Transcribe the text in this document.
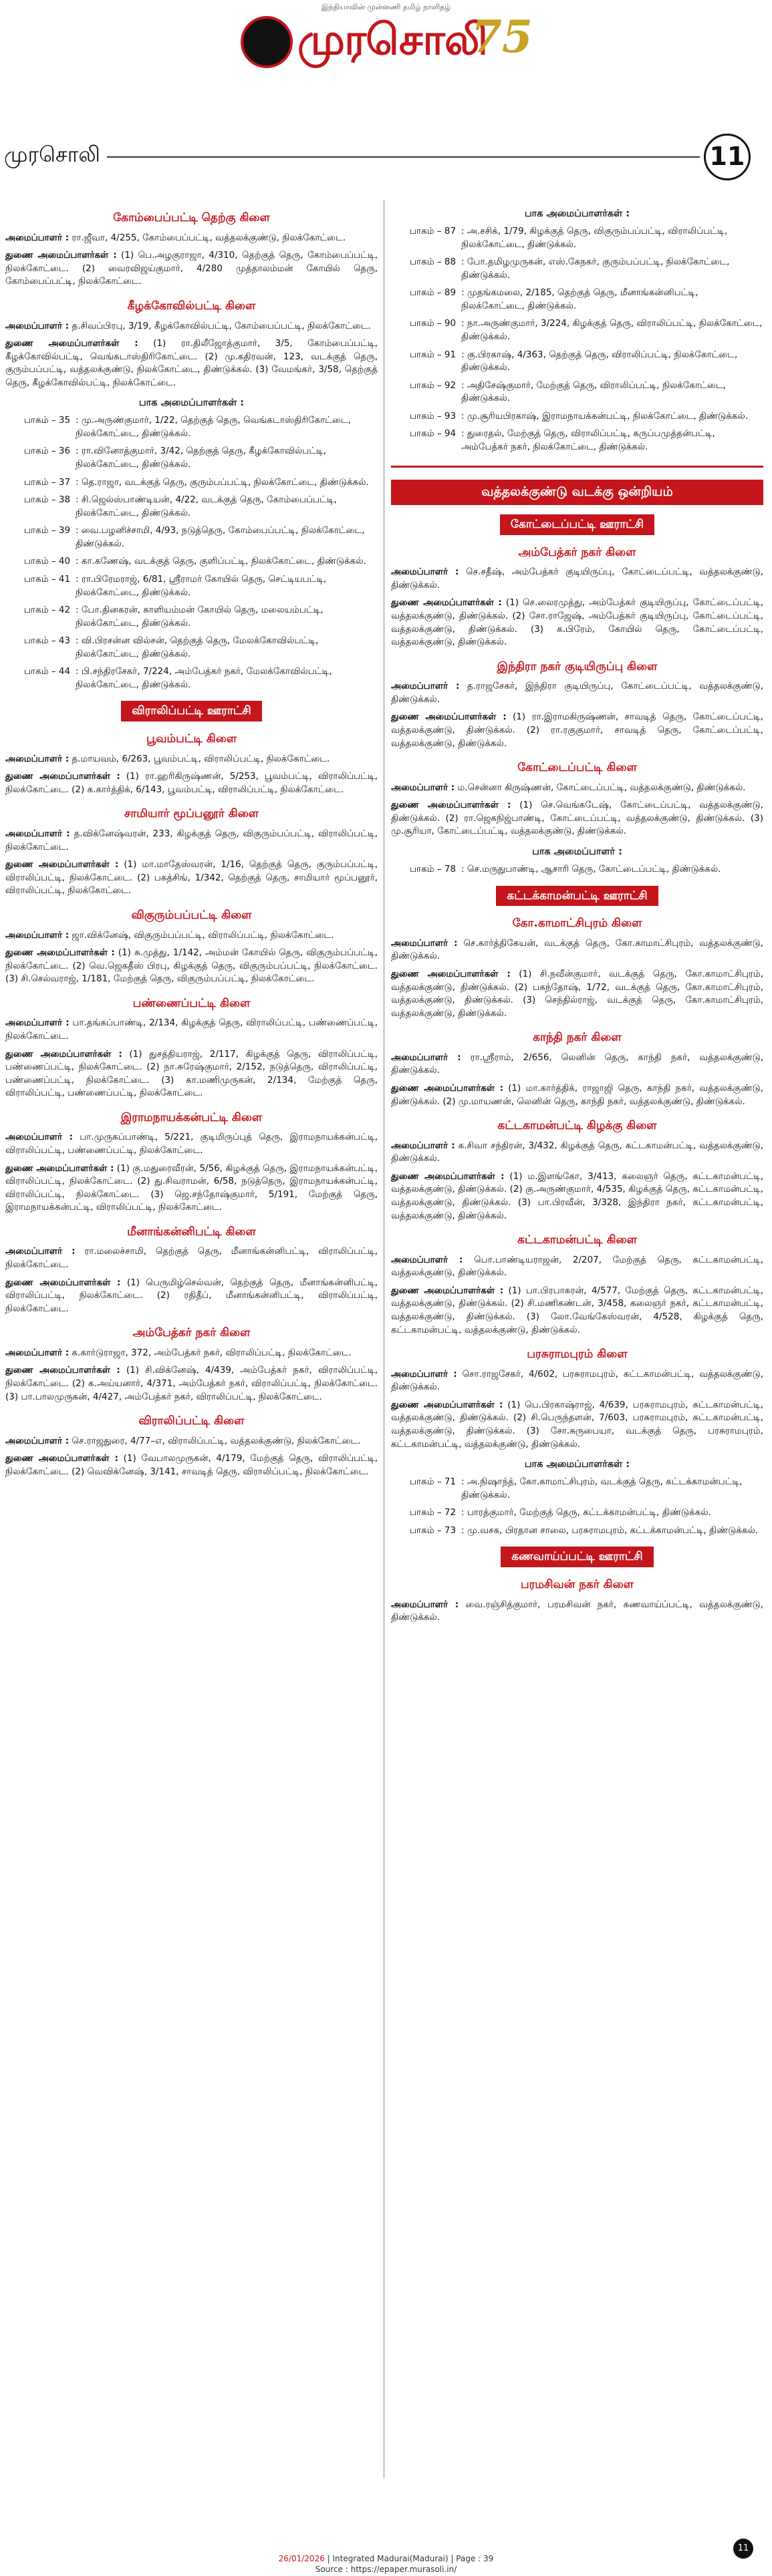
இந்தியாவின் முன்னணி தமிழ் நாளிதழ்
முரசொலி
75
முரசொலி	11
கோம்பைப்பட்டி தெற்கு கிளை
அமைப்பாளர் : ரா.ஜீவா, 4/255, கோம்பைப்பட்டி, வத்தலக்குண்டு, நிலக்கோட்டை.
துணை அமைப்பாளர்கள் : (1) பெ.அழகுராஜா, 4/310, தெற்குத் தெரு, கோம்பைப்பட்டி, நிலக்கோட்டை. (2) வைரவிஜய்குமார், 4/280 முத்தாலம்மன் கோயில் தெரு, கோம்பைப்பட்டி, நிலக்கோட்டை.
கீழக்கோவில்பட்டி கிளை
அமைப்பாளர் : த.சிவப்பிரபு, 3/19, கீழக்கோவில்பட்டி, கோம்பைப்பட்டி, நிலக்கோட்டை.
துணை அமைப்பாளர்கள் : (1) ரா.திலீஜோத்குமார், 3/5, கோம்பைப்பட்டி, கீழக்கோவில்பட்டி, வெங்கடாஸ்திரிகோட்டை. (2) மு.கதிரவன், 123, வடக்குத் தெரு, குரும்பப்பட்டி, வத்தலக்குண்டு, நிலக்கோட்டை, திண்டுக்கல். (3) வேமங்கர், 3/58, தெற்குத் தெரு, கீழக்கோவில்பட்டி, நிலக்கோட்டை.
பாக அமைப்பாளர்கள் :
பாகம் – 35 : மு.அருண்குமார், 1/22, தெற்குத் தெரு, வெங்கடாஸ்திரிகோட்டை, நிலக்கோட்டை, திண்டுக்கல்.
பாகம் – 36 : ரா.வினோத்குமார், 3/42, தெற்குத் தெரு, கீழக்கோவில்பட்டி, நிலக்கோட்டை, திண்டுக்கல்.
பாகம் – 37 : தெ.ராஜா, வடக்குத் தெரு, குரும்பப்பட்டி, நிலக்கோட்டை, திண்டுக்கல்.
பாகம் – 38 : சி.ஜெல்ஸ்பாண்டியன், 4/22, வடக்குத் தெரு, கோம்பைப்பட்டி, நிலக்கோட்டை, திண்டுக்கல்.
பாகம் – 39 : வை.பழனிச்சாமி, 4/93, நடுத்தெரு, கோம்பைப்பட்டி, நிலக்கோட்டை, திண்டுக்கல்.
பாகம் – 40 : கா.கணேஷ், வடக்குத் தெரு, குளிப்பட்டி, நிலக்கோட்டை, திண்டுக்கல்.
பாகம் – 41 : ரா.பிரேமராஜ், 6/81, ஸ்ரீராமர் கோயில் தெரு, செட்டியபட்டி, நிலக்கோட்டை, திண்டுக்கல்.
பாகம் – 42 : போ.தினகரன், காளியம்மன் கோயில் தெரு, மலையம்பட்டி, நிலக்கோட்டை, திண்டுக்கல்.
பாகம் – 43 : வி.பிரசன்ன வில்சன், தெற்குத் தெரு, மேலக்கோவில்பட்டி, நிலக்கோட்டை, திண்டுக்கல்.
பாகம் – 44 : பி.சந்திரசேகர், 7/224, அம்பேத்கர் நகர், மேலக்கோவில்பட்டி, நிலக்கோட்டை, திண்டுக்கல்.
விராலிப்பட்டி ஊராட்சி
பூவம்பட்டி கிளை
அமைப்பாளர் : த.மாயவம், 6/263, பூவம்பட்டி, விராலிப்பட்டி, நிலக்கோட்டை.
துணை அமைப்பாளர்கள் : (1) ரா.ஹரிகிருஷ்ணன், 5/253, பூவம்பட்டி, விராலிப்பட்டி, நிலக்கோட்டை. (2) க.கார்த்திக், 6/143, பூவம்பட்டி, விராலிப்பட்டி, நிலக்கோட்டை.
சாமியார் மூப்பனூர் கிளை
அமைப்பாளர் : த.விக்னேஷ்வரன், 233, கிழக்குத் தெரு, விகுரும்பப்பட்டி, விராலிப்பட்டி, நிலக்கோட்டை.
துணை அமைப்பாளர்கள் : (1) மா.மாதேஸ்வரன், 1/16, தெற்குத் தெரு, குரும்பப்பட்டி, விராலிப்பட்டி, நிலக்கோட்டை. (2) பகத்சிங், 1/342, தெற்குத் தெரு, சாமியார் மூப்பனூர், விராலிப்பட்டி, நிலக்கோட்டை.
விகுரும்பப்பட்டி கிளை
அமைப்பாளர் : ஜா.விக்னேஷ், விகுரும்பப்பட்டி, விராலிப்பட்டி, நிலக்கோட்டை.
துணை அமைப்பாளர்கள் : (1) சு.முத்து, 1/142, அம்மன் கோயில் தெரு, விகுரும்பப்பட்டி, நிலக்கோட்டை. (2) வெ.ஜெகதீஸ் பிரபு, கிழக்குத் தெரு, விகுரும்பப்பட்டி, நிலக்கோட்டை. (3) சி.செல்வராஜ், 1/181, மேற்குத் தெரு, விகுரும்பப்பட்டி, நிலக்கோட்டை.
பண்ணைப்பட்டி கிளை
அமைப்பாளர் : பா.தங்கப்பாண்டி, 2/134, கிழக்குத் தெரு, விராலிப்பட்டி, பண்ணைப்பட்டி, நிலக்கோட்டை.
துணை அமைப்பாளர்கள் : (1) துசத்தியராஜ், 2/117, கிழக்குத் தெரு, விராலிப்பட்டி, பண்ணைப்பட்டி, நிலக்கோட்டை. (2) நா.சுரேஷ்குமார், 2/152, நடுத்தெரு, விராலிப்பட்டி, பண்ணைப்பட்டி, நிலக்கோட்டை. (3) கா.மணிமுருகன், 2/134, மேற்குத் தெரு, விராலிப்பட்டி, பண்ணைப்பட்டி, நிலக்கோட்டை.
இராமநாயக்கன்பட்டி கிளை
அமைப்பாளர் : பா.முருகப்பாண்டி, 5/221, குடிமிருப்புத் தெரு, இராமநாயக்கன்பட்டி, விராலிப்பட்டி, பண்ணைப்பட்டி, நிலக்கோட்டை.
துணை அமைப்பாளர்கள் : (1) கு.மதுரைவீரன், 5/56, கிழக்குத் தெரு, இராமநாயக்கன்பட்டி, விராலிப்பட்டி, நிலக்கோட்டை. (2) து.சிவராமன், 6/58, நடுத்தெரு, இராமநாயக்கன்பட்டி, விராலிப்பட்டி, நிலக்கோட்டை. (3) ஜெ.சந்தோஷ்குமார், 5/191, மேற்குத் தெரு, இராமநாயக்கன்பட்டி, விராலிப்பட்டி, நிலக்கோட்டை.
மீனாங்கன்னிபட்டி கிளை
அமைப்பாளர் : ரா.மலைச்சாமி, தெற்குத் தெரு, மீனாங்கன்னிபட்டி, விராலிப்பட்டி, நிலக்கோட்டை.
துணை அமைப்பாளர்கள் : (1) பெருமிழ்செல்வன், தெற்குத் தெரு, மீனாங்கன்னிபட்டி, விராலிப்பட்டி, நிலக்கோட்டை. (2) ரதிதீப், மீனாங்கன்னிபட்டி, விராலிப்பட்டி, நிலக்கோட்டை.
அம்பேத்கர் நகர் கிளை
அமைப்பாளர் : க.கார்டுராஜா, 372, அம்பேத்கர் நகர், விராலிப்பட்டி, நிலக்கோட்டை.
துணை அமைப்பாளர்கள் : (1) சி.விக்னேஷ், 4/439, அம்பேத்கர் நகர், விராலிப்பட்டி, நிலக்கோட்டை. (2) க.அய்யனார், 4/371, அம்பேத்கர் நகர், விராலிப்பட்டி, நிலக்கோட்டை. (3) பா.பாலமுருகன், 4/427, அம்பேத்கர் நகர், விராலிப்பட்டி, நிலக்கோட்டை.
விராலிப்பட்டி கிளை
அமைப்பாளர் : செ.ராஜதுரை, 4/77–எ, விராலிப்பட்டி, வத்தலக்குண்டு, நிலக்கோட்டை.
துணை அமைப்பாளர்கள் : (1) வேபாலமுருகன், 4/179, மேற்குத் தெரு, விராலிப்பட்டி, நிலக்கோட்டை. (2) வெவிக்னேஷ், 3/141, சாவடித் தெரு, விராலிப்பட்டி, நிலக்கோட்டை.
பாக அமைப்பாளர்கள் :
பாகம் – 87 : அ.சசிக், 1/79, கிழக்குத் தெரு, விகுரும்பப்பட்டி, விராலிப்பட்டி, நிலக்கோட்டை, திண்டுக்கல்.
பாகம் – 88 : போ.தமிழமுருகன், எஸ்.கேநகர், குரும்பப்பட்டி, நிலக்கோட்டை, திண்டுக்கல்.
பாகம் – 89 : முதங்கமலை, 2/185, தெற்குத் தெரு, மீனாங்கன்னிபட்டி, நிலக்கோட்டை, திண்டுக்கல்.
பாகம் – 90 : நா.அருண்குமார், 3/224, கிழக்குத் தெரு, விராலிப்பட்டி, நிலக்கோட்டை, திண்டுக்கல்.
பாகம் – 91 : கு.பிரகாஷ், 4/363, தெற்குத் தெரு, விராலிப்பட்டி, நிலக்கோட்டை, திண்டுக்கல்.
பாகம் – 92 : அதிசேஷ்குமார், மேற்குத் தெரு, விராலிப்பட்டி, நிலக்கோட்டை, திண்டுக்கல்.
பாகம் – 93 : மு.சூரியபிரகாஷ், இராமநாயக்கன்பட்டி, நிலக்கோட்டை, திண்டுக்கல்.
பாகம் – 94 : துரைதல், மேற்குத் தெரு, விராலிப்பட்டி, கருப்பமுத்தன்பட்டி, அம்பேத்கர் நகர், நிலக்கோட்டை, திண்டுக்கல்.
வத்தலக்குண்டு வடக்கு ஒன்றியம்
கோட்டைப்பட்டி ஊராட்சி
அம்பேத்கர் நகர் கிளை
அமைப்பாளர் : செ.சதீஷ், அம்பேத்கர் குடியிருப்பு, கோட்டைப்பட்டி, வத்தலக்குண்டு, திண்டுக்கல்.
துணை அமைப்பாளர்கள் : (1) செ.லைரமுத்து, அம்பேத்கர் குடியிருப்பு, கோட்டைப்பட்டி, வத்தலக்குண்டு, திண்டுக்கல். (2) சோ.ராஜேஷ், அம்பேத்கர் குடியிருப்பு, கோட்டைப்பட்டி, வத்தலக்குண்டு, திண்டுக்கல். (3) க.பிரேம், கோயில் தெரு, கோட்டைப்பட்டி, வத்தலக்குண்டு, திண்டுக்கல்.
இந்திரா நகர் குடியிருப்பு கிளை
அமைப்பாளர் : த.ராஜசேகர், இந்திரா குடியிருப்பு, கோட்டைப்பட்டி, வத்தலக்குண்டு, திண்டுக்கல்.
துணை அமைப்பாளர்கள் : (1) ரா.இராமகிருஷ்ணன், சாவடித் தெரு, கோட்டைப்பட்டி, வத்தலக்குண்டு, திண்டுக்கல். (2) ரா.ரகுகுமார், சாவடித் தெரு, கோட்டைப்பட்டி, வத்தலக்குண்டு, திண்டுக்கல்.
கோட்டைப்பட்டி கிளை
அமைப்பாளர் : ம.சென்னா கிருஷ்ணன், கோட்டைப்பட்டி, வத்தலக்குண்டு, திண்டுக்கல்.
துணை அமைப்பாளர்கள் : (1) செ.வெங்கடேஷ், கோட்டைப்பட்டி, வத்தலக்குண்டு, திண்டுக்கல். (2) ரா.ஜெகநிஜ்பாண்டி, கோட்டைப்பட்டி, வத்தலக்குண்டு, திண்டுக்கல். (3) மு.சூரியா, கோட்டைப்பட்டி, வத்தலக்குண்டு, திண்டுக்கல்.
பாக அமைப்பாளர் :
பாகம் – 78 : செ.மருதுபாண்டி, ஆசாரி தெரு, கோட்டைப்பட்டி, திண்டுக்கல்.
கட்டக்காமன்பட்டி ஊராட்சி
கோ.காமாட்சிபுரம் கிளை
அமைப்பாளர் : செ.கார்த்திகேயன், வடக்குத் தெரு, கோ.காமாட்சிபுரம், வத்தலக்குண்டு, திண்டுக்கல்.
துணை அமைப்பாளர்கள் : (1) சி.நவீன்குமார், வடக்குத் தெரு, கோ.காமாட்சிபுரம், வத்தலக்குண்டு, திண்டுக்கல். (2) பகந்தோஷ், 1/72, வடக்குத் தெரு, கோ.காமாட்சிபுரம், வத்தலக்குண்டு, திண்டுக்கல். (3) செந்தில்ராஜ், வடக்குத் தெரு, கோ.காமாட்சிபுரம், வத்தலக்குண்டு, திண்டுக்கல்.
காந்தி நகர் கிளை
அமைப்பாளர் : ரா.ஸ்ரீராம், 2/656, லெனின் தெரு, காந்தி நகர், வத்தலக்குண்டு, திண்டுக்கல்.
துணை அமைப்பாளர்கள் : (1) மா.கார்த்திக், ராஜாஜி தெரு, காந்தி நகர், வத்தலக்குண்டு, திண்டுக்கல். (2) மு.மாயணன், லெனின் தெரு, காந்தி நகர், வத்தலக்குண்டு, திண்டுக்கல்.
கட்டகாமன்பட்டி கிழக்கு கிளை
அமைப்பாளர் : க.சிவா சந்திரன், 3/432, கிழக்குத் தெரு, கட்டகாமன்பட்டி, வத்தலக்குண்டு, திண்டுக்கல்.
துணை அமைப்பாளர்கள் : (1) ம.இளங்கோ, 3/413, கலைஞர் தெரு, கட்டகாமன்பட்டி, வத்தலக்குண்டு, திண்டுக்கல். (2) கு.அருண்குமார், 4/535, கிழக்குத் தெரு, கட்டகாமன்பட்டி, வத்தலக்குண்டு, திண்டுக்கல். (3) பா.பிரவீன், 3/328, இந்திரா நகர், கட்டகாமன்பட்டி, வத்தலக்குண்டு, திண்டுக்கல்.
கட்டகாமன்பட்டி கிளை
அமைப்பாளர் : பொ.பாண்டியராஜன், 2/207, மேற்குத் தெரு, கட்டகாமன்பட்டி, வத்தலக்குண்டு, திண்டுக்கல்.
துணை அமைப்பாளர்கள் : (1) பா.பிரபாகரன், 4/577, மேற்குத் தெரு, கட்டகாமன்பட்டி, வத்தலக்குண்டு, திண்டுக்கல். (2) சி.மணிகண்டன், 3/458, கலைஞர் நகர், கட்டகாமன்பட்டி, வத்தலக்குண்டு, திண்டுக்கல். (3) லோ.வேங்கேஸ்வரன், 4/528, கிழக்குத் தெரு, கட்டகாமன்பட்டி, வத்தலக்குண்டு, திண்டுக்கல்.
பரசுராமபுரம் கிளை
அமைப்பாளர் : சொ.ராஜசேகர், 4/602, பரசுராமபுரம், கட்டகாமன்பட்டி, வத்தலக்குண்டு, திண்டுக்கல்.
துணை அமைப்பாளர்கள் : (1) பெ.பிரகாஷ்ராஜ், 4/639, பரசுராமபுரம், கட்டகாமன்பட்டி, வத்தலக்குண்டு, திண்டுக்கல். (2) சி.பெருந்தளன், 7/603, பரசுராமபுரம், கட்டகாமன்பட்டி, வத்தலக்குண்டு, திண்டுக்கல். (3) சோ.சுருபையா, வடக்குத் தெரு, பரசுராமபுரம், கட்டகாமன்பட்டி, வத்தலக்குண்டு, திண்டுக்கல்.
பாக அமைப்பாளர்கள் :
பாகம் – 71 : அ.நிஷாந்த், கோ.காமாட்சிபுரம், வடக்குத் தெரு, கட்டக்காமன்பட்டி, திண்டுக்கல்.
பாகம் – 72 : பாரத்குமார், மேற்குத் தெரு, கட்டக்காமன்பட்டி, திண்டுக்கல்.
பாகம் – 73 : மு.வசக, பிரதான சாலை, பரசுராமபுரம், கட்டக்காமன்பட்டி, திண்டுக்கல்.
கணவாய்ப்பட்டி ஊராட்சி
பரமசிவன் நகர் கிளை
அமைப்பாளர் : வை.ரஞ்சித்குமார், பரமசிவன் நகர், கணவாய்ப்பட்டி, வத்தலக்குண்டு, திண்டுக்கல்.
11
26/01/2026 | Integrated Madurai(Madurai) | Page : 39
Source : https://epaper.murasoli.in/
